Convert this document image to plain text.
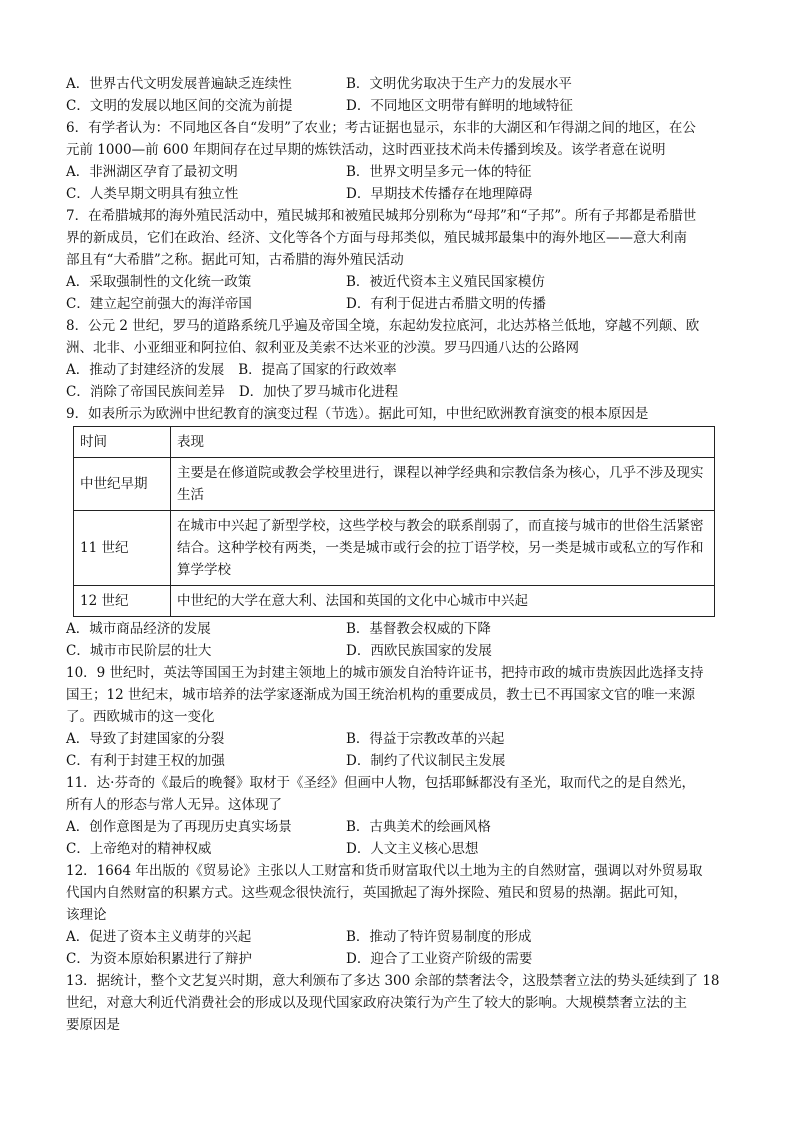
A．世界古代文明发展普遍缺乏连续性	B．文明优劣取决于生产力的发展水平
C．文明的发展以地区间的交流为前提	D．不同地区文明带有鲜明的地域特征
6．有学者认为：不同地区各自“发明”了农业；考古证据也显示，东非的大湖区和乍得湖之间的地区，在公
元前 1000—前 600 年期间存在过早期的炼铁活动，这时西亚技术尚未传播到埃及。该学者意在说明
A．非洲湖区孕育了最初文明	B．世界文明呈多元一体的特征
C．人类早期文明具有独立性	D．早期技术传播存在地理障碍
7．在希腊城邦的海外殖民活动中，殖民城邦和被殖民城邦分别称为“母邦”和“子邦”。所有子邦都是希腊世
界的新成员，它们在政治、经济、文化等各个方面与母邦类似，殖民城邦最集中的海外地区——意大利南
部且有“大希腊”之称。据此可知，古希腊的海外殖民活动
A．采取强制性的文化统一政策	B．被近代资本主义殖民国家模仿
C．建立起空前强大的海洋帝国	D．有利于促进古希腊文明的传播
8．公元 2 世纪，罗马的道路系统几乎遍及帝国全境，东起幼发拉底河，北达苏格兰低地，穿越不列颠、欧
洲、北非、小亚细亚和阿拉伯、叙利亚及美索不达米亚的沙漠。罗马四通八达的公路网
A．推动了封建经济的发展 B．提高了国家的行政效率
C．消除了帝国民族间差异 D．加快了罗马城市化进程
9．如表所示为欧洲中世纪教育的演变过程（节选）。据此可知，中世纪欧洲教育演变的根本原因是
时间	表现
中世纪早期	主要是在修道院或教会学校里进行，课程以神学经典和宗教信条为核心，几乎不涉及现实生活
11 世纪	在城市中兴起了新型学校，这些学校与教会的联系削弱了，而直接与城市的世俗生活紧密结合。这种学校有两类，一类是城市或行会的拉丁语学校，另一类是城市或私立的写作和算学学校
12 世纪	中世纪的大学在意大利、法国和英国的文化中心城市中兴起
A．城市商品经济的发展	B．基督教会权威的下降
C．城市市民阶层的壮大	D．西欧民族国家的发展
10．9 世纪时，英法等国国王为封建主领地上的城市颁发自治特许证书，把持市政的城市贵族因此选择支持
国王；12 世纪末，城市培养的法学家逐渐成为国王统治机构的重要成员，教士已不再国家文官的唯一来源
了。西欧城市的这一变化
A．导致了封建国家的分裂	B．得益于宗教改革的兴起
C．有利于封建王权的加强	D．制约了代议制民主发展
11．达·芬奇的《最后的晚餐》取材于《圣经》但画中人物，包括耶稣都没有圣光，取而代之的是自然光，
所有人的形态与常人无异。这体现了
A．创作意图是为了再现历史真实场景	B．古典美术的绘画风格
C．上帝绝对的精神权威	D．人文主义核心思想
12．1664 年出版的《贸易论》主张以人工财富和货币财富取代以土地为主的自然财富，强调以对外贸易取
代国内自然财富的积累方式。这些观念很快流行，英国掀起了海外探险、殖民和贸易的热潮。据此可知，
该理论
A．促进了资本主义萌芽的兴起	B．推动了特许贸易制度的形成
C．为资本原始积累进行了辩护	D．迎合了工业资产阶级的需要
13．据统计，整个文艺复兴时期，意大利颁布了多达 300 余部的禁奢法令，这股禁奢立法的势头延续到了 18
世纪，对意大利近代消费社会的形成以及现代国家政府决策行为产生了较大的影响。大规模禁奢立法的主
要原因是
